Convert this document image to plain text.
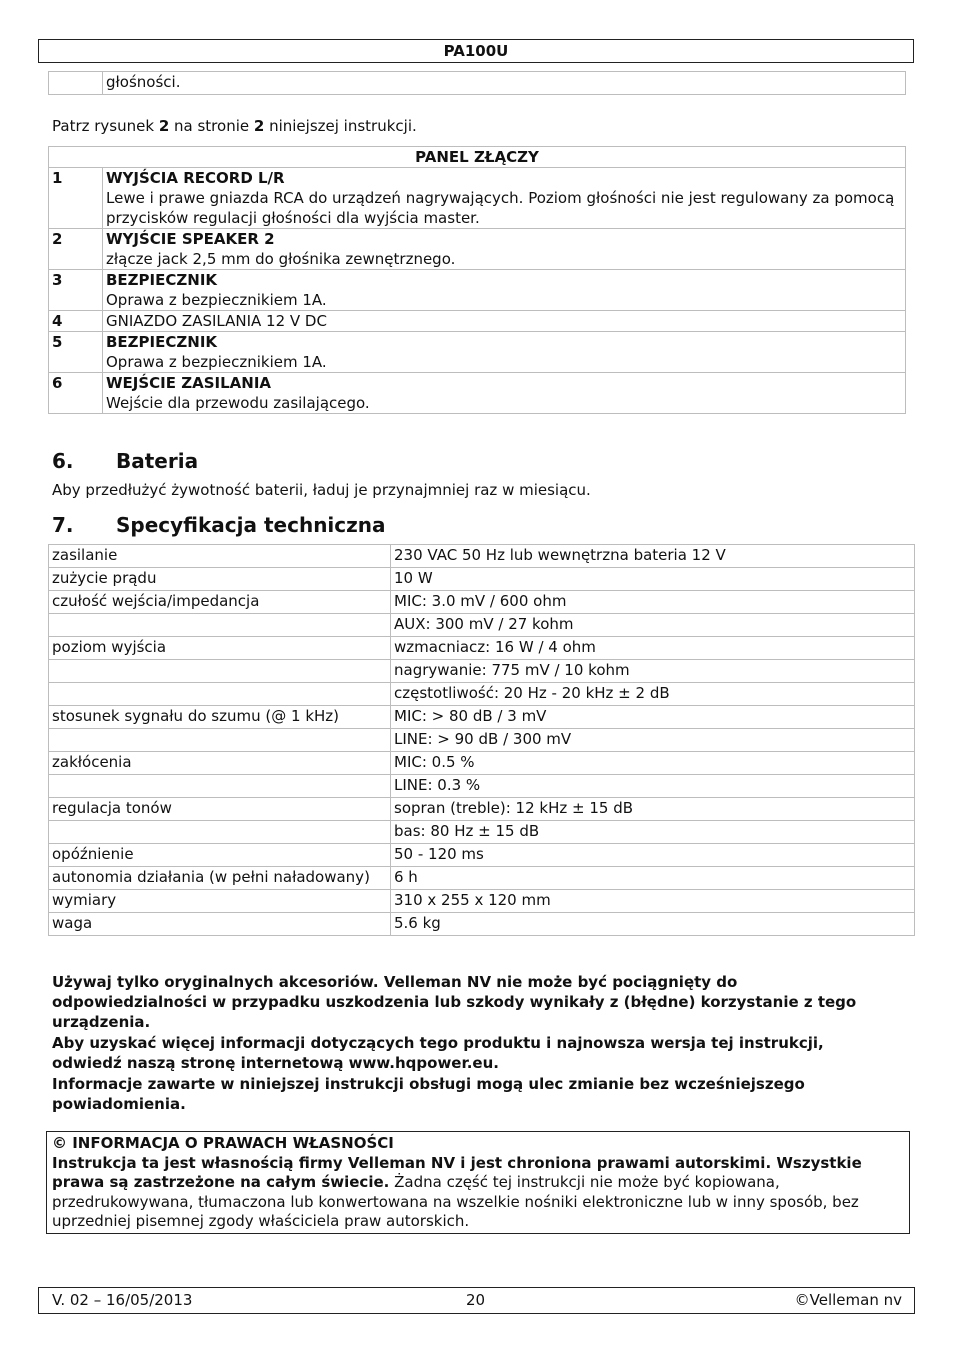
PA100U
	głośności.
Patrz rysunek 2 na stronie 2 niniejszej instrukcji.
PANEL ZŁĄCZY	
1	WYJŚCIA RECORD L/R
Lewe i prawe gniazda RCA do urządzeń nagrywających. Poziom głośności nie jest regulowany za pomocą przycisków regulacji głośności dla wyjścia master.

2	WYJŚCIE SPEAKER 2
złącze jack 2,5 mm do głośnika zewnętrznego.

3	BEZPIECZNIK
Oprawa z bezpiecznikiem 1A.

4	GNIAZDO ZASILANIA 12 V DC

5	BEZPIECZNIK
Oprawa z bezpiecznikiem 1A.

6	WEJŚCIE ZASILANIA
Wejście dla przewodu zasilającego.
6. Bateria
Aby przedłużyć żywotność baterii, ładuj je przynajmniej raz w miesiącu.
7. Specyfikacja techniczna
zasilanie	230 VAC 50 Hz lub wewnętrzna bateria 12 V
zużycie prądu	10 W
czułość wejścia/impedancja	MIC: 3.0 mV / 600 ohm
	AUX: 300 mV / 27 kohm
poziom wyjścia	wzmacniacz: 16 W / 4 ohm
	nagrywanie: 775 mV / 10 kohm
	częstotliwość: 20 Hz - 20 kHz ± 2 dB
stosunek sygnału do szumu (@ 1 kHz)	MIC: > 80 dB / 3 mV
	LINE: > 90 dB / 300 mV
zakłócenia	MIC: 0.5 %
	LINE: 0.3 %
regulacja tonów	sopran (treble): 12 kHz ± 15 dB
	bas: 80 Hz ± 15 dB
opóźnienie	50 - 120 ms
autonomia działania (w pełni naładowany)	6 h
wymiary	310 x 255 x 120 mm
waga	5.6 kg

Używaj tylko oryginalnych akcesoriów. Velleman NV nie może być pociągnięty do odpowiedzialności w przypadku uszkodzenia lub szkody wynikały z (błędne) korzystanie z tego urządzenia.

Aby uzyskać więcej informacji dotyczących tego produktu i najnowsza wersja tej instrukcji, odwiedź naszą stronę internetową www.hqpower.eu.

Informacje zawarte w niniejszej instrukcji obsługi mogą ulec zmianie bez wcześniejszego powiadomienia.

© INFORMACJA O PRAWACH WŁASNOŚCI
Instrukcja ta jest własnością firmy Velleman NV i jest chroniona prawami autorskimi. Wszystkie prawa są zastrzeżone na całym świecie. Żadna część tej instrukcji nie może być kopiowana, przedrukowywana, tłumaczona lub konwertowana na wszelkie nośniki elektroniczne lub w inny sposób, bez uprzedniej pisemnej zgody właściciela praw autorskich.
V. 02 – 16/05/2013	20	©Velleman nv
